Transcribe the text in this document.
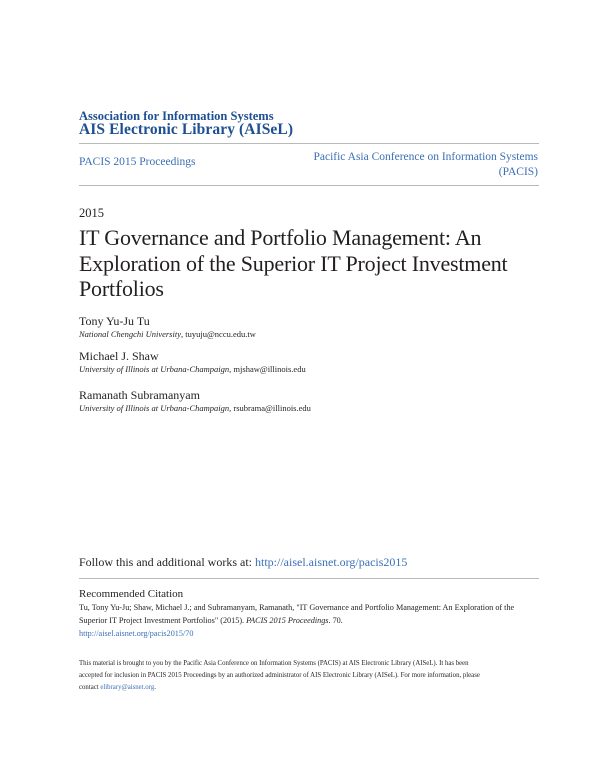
Association for Information Systems
AIS Electronic Library (AISeL)
PACIS 2015 Proceedings	Pacific Asia Conference on Information Systems
(PACIS)
2015
IT Governance and Portfolio Management: An
Exploration of the Superior IT Project Investment
Portfolios
Tony Yu-Ju Tu
National Chengchi University, tuyuju@nccu.edu.tw
Michael J. Shaw
University of Illinois at Urbana-Champaign, mjshaw@illinois.edu
Ramanath Subramanyam
University of Illinois at Urbana-Champaign, rsubrama@illinois.edu
Follow this and additional works at: http://aisel.aisnet.org/pacis2015
Recommended Citation
Tu, Tony Yu-Ju; Shaw, Michael J.; and Subramanyam, Ramanath, "IT Governance and Portfolio Management: An Exploration of the
Superior IT Project Investment Portfolios" (2015). PACIS 2015 Proceedings. 70.
http://aisel.aisnet.org/pacis2015/70
This material is brought to you by the Pacific Asia Conference on Information Systems (PACIS) at AIS Electronic Library (AISeL). It has been
accepted for inclusion in PACIS 2015 Proceedings by an authorized administrator of AIS Electronic Library (AISeL). For more information, please
contact elibrary@aisnet.org.
